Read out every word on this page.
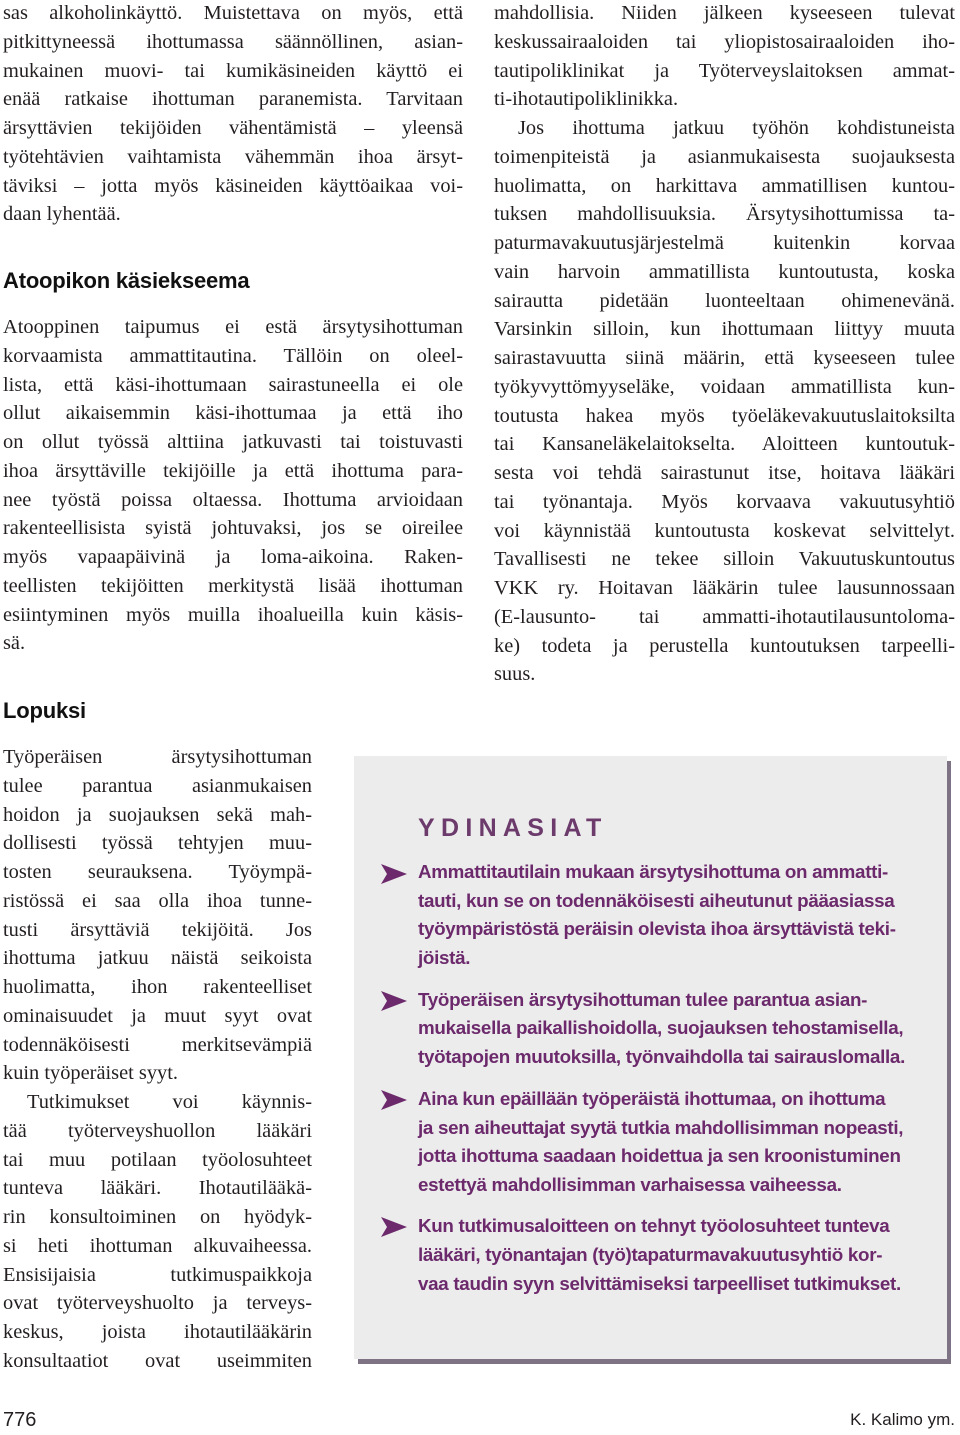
sas alkoholinkäyttö. Muistettava on myös, että
pitkittyneessä ihottumassa säännöllinen, asian-
mukainen muovi- tai kumikäsineiden käyttö ei
enää ratkaise ihottuman paranemista. Tarvitaan
ärsyttävien tekijöiden vähentämistä – yleensä
työtehtävien vaihtamista vähemmän ihoa ärsyt-
täviksi – jotta myös käsineiden käyttöaikaa voi-
daan lyhentää.
Atoopikon käsiekseema
Atooppinen taipumus ei estä ärsytysihottuman
korvaamista ammattitautina. Tällöin on oleel-
lista, että käsi-ihottumaan sairastuneella ei ole
ollut aikaisemmin käsi-ihottumaa ja että iho
on ollut työssä alttiina jatkuvasti tai toistuvasti
ihoa ärsyttäville tekijöille ja että ihottuma para-
nee työstä poissa oltaessa. Ihottuma arvioidaan
rakenteellisista syistä johtuvaksi, jos se oireilee
myös vapaapäivinä ja loma-aikoina. Raken-
teellisten tekijöitten merkitystä lisää ihottuman
esiintyminen myös muilla ihoalueilla kuin käsis-
sä.
Lopuksi
Työperäisen ärsytysihottuman
tulee parantua asianmukaisen
hoidon ja suojauksen sekä mah-
dollisesti työssä tehtyjen muu-
tosten seurauksena. Työympä-
ristössä ei saa olla ihoa tunne-
tusti ärsyttäviä tekijöitä. Jos
ihottuma jatkuu näistä seikoista
huolimatta, ihon rakenteelliset
ominaisuudet ja muut syyt ovat
todennäköisesti merkitsevämpiä
kuin työperäiset syyt.
Tutkimukset voi käynnis-
tää työterveyshuollon lääkäri
tai muu potilaan työolosuhteet
tunteva lääkäri. Ihotautilääkä-
rin konsultoiminen on hyödyk-
si heti ihottuman alkuvaiheessa.
Ensisijaisia tutkimuspaikkoja
ovat työterveyshuolto ja terveys-
keskus, joista ihotautilääkärin
konsultaatiot ovat useimmiten
mahdollisia. Niiden jälkeen kyseeseen tulevat
keskussairaaloiden tai yliopistosairaaloiden iho-
tautipoliklinikat ja Työterveyslaitoksen ammat-
ti-ihotautipoliklinikka.
Jos ihottuma jatkuu työhön kohdistuneista
toimenpiteistä ja asianmukaisesta suojauksesta
huolimatta, on harkittava ammatillisen kuntou-
tuksen mahdollisuuksia. Ärsytysihottumissa ta-
paturmavakuutusjärjestelmä kuitenkin korvaa
vain harvoin ammatillista kuntoutusta, koska
sairautta pidetään luonteeltaan ohimenevänä.
Varsinkin silloin, kun ihottumaan liittyy muuta
sairastavuutta siinä määrin, että kyseeseen tulee
työkyvyttömyyseläke, voidaan ammatillista kun-
toutusta hakea myös työeläkevakuutuslaitoksilta
tai Kansaneläkelaitokselta. Aloitteen kuntoutuk-
sesta voi tehdä sairastunut itse, hoitava lääkäri
tai työnantaja. Myös korvaava vakuutusyhtiö
voi käynnistää kuntoutusta koskevat selvittelyt.
Tavallisesti ne tekee silloin Vakuutuskuntoutus
VKK ry. Hoitavan lääkärin tulee lausunnossaan
(E-lausunto- tai ammatti-ihotautilausuntoloma-
ke) todeta ja perustella kuntoutuksen tarpeelli-
suus.
YDINASIAT
Ammattitautilain mukaan ärsytysihottuma on ammatti-
tauti, kun se on todennäköisesti aiheutunut pääasiassa
työympäristöstä peräisin olevista ihoa ärsyttävistä teki-
jöistä.
Työperäisen ärsytysihottuman tulee parantua asian-
mukaisella paikallishoidolla, suojauksen tehostamisella,
työtapojen muutoksilla, työnvaihdolla tai sairauslomalla.
Aina kun epäillään työperäistä ihottumaa, on ihottuma
ja sen aiheuttajat syytä tutkia mahdollisimman nopeasti,
jotta ihottuma saadaan hoidettua ja sen kroonistuminen
estettyä mahdollisimman varhaisessa vaiheessa.
Kun tutkimusaloitteen on tehnyt työolosuhteet tunteva
lääkäri, työnantajan (työ)tapaturmavakuutusyhtiö kor-
vaa taudin syyn selvittämiseksi tarpeelliset tutkimukset.
776	K. Kalimo ym.
